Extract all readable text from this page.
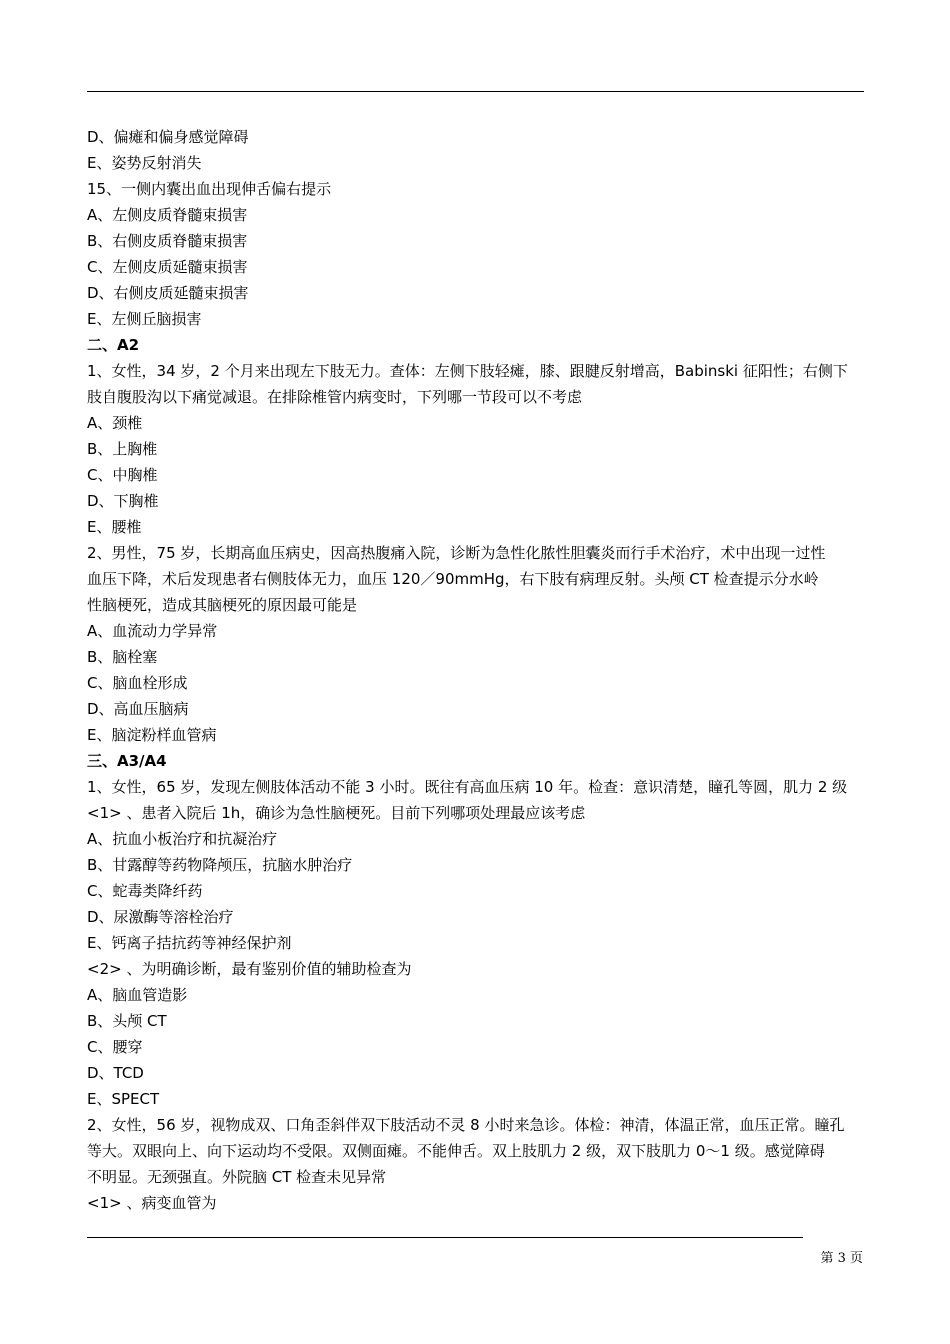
D、偏瘫和偏身感觉障碍
E、姿势反射消失
15、一侧内囊出血出现伸舌偏右提示
A、左侧皮质脊髓束损害
B、右侧皮质脊髓束损害
C、左侧皮质延髓束损害
D、右侧皮质延髓束损害
E、左侧丘脑损害
二、A2
1、女性，34 岁，2 个月来出现左下肢无力。查体：左侧下肢轻瘫，膝、跟腱反射增高，Babinski 征阳性；右侧下
肢自腹股沟以下痛觉减退。在排除椎管内病变时，下列哪一节段可以不考虑
A、颈椎
B、上胸椎
C、中胸椎
D、下胸椎
E、腰椎
2、男性，75 岁，长期高血压病史，因高热腹痛入院，诊断为急性化脓性胆囊炎而行手术治疗，术中出现一过性
血压下降，术后发现患者右侧肢体无力，血压 120／90mmHg，右下肢有病理反射。头颅 CT 检查提示分水岭
性脑梗死，造成其脑梗死的原因最可能是
A、血流动力学异常
B、脑栓塞
C、脑血栓形成
D、高血压脑病
E、脑淀粉样血管病
三、A3/A4
1、女性，65 岁，发现左侧肢体活动不能 3 小时。既往有高血压病 10 年。检查：意识清楚，瞳孔等圆，肌力 2 级
<1> 、患者入院后 1h，确诊为急性脑梗死。目前下列哪项处理最应该考虑
A、抗血小板治疗和抗凝治疗
B、甘露醇等药物降颅压，抗脑水肿治疗
C、蛇毒类降纤药
D、尿激酶等溶栓治疗
E、钙离子拮抗药等神经保护剂
<2> 、为明确诊断，最有鉴别价值的辅助检查为
A、脑血管造影
B、头颅 CT
C、腰穿
D、TCD
E、SPECT
2、女性，56 岁，视物成双、口角歪斜伴双下肢活动不灵 8 小时来急诊。体检：神清，体温正常，血压正常。瞳孔
等大。双眼向上、向下运动均不受限。双侧面瘫。不能伸舌。双上肢肌力 2 级，双下肢肌力 0～1 级。感觉障碍
不明显。无颈强直。外院脑 CT 检查未见异常
<1> 、病变血管为
第 3 页
